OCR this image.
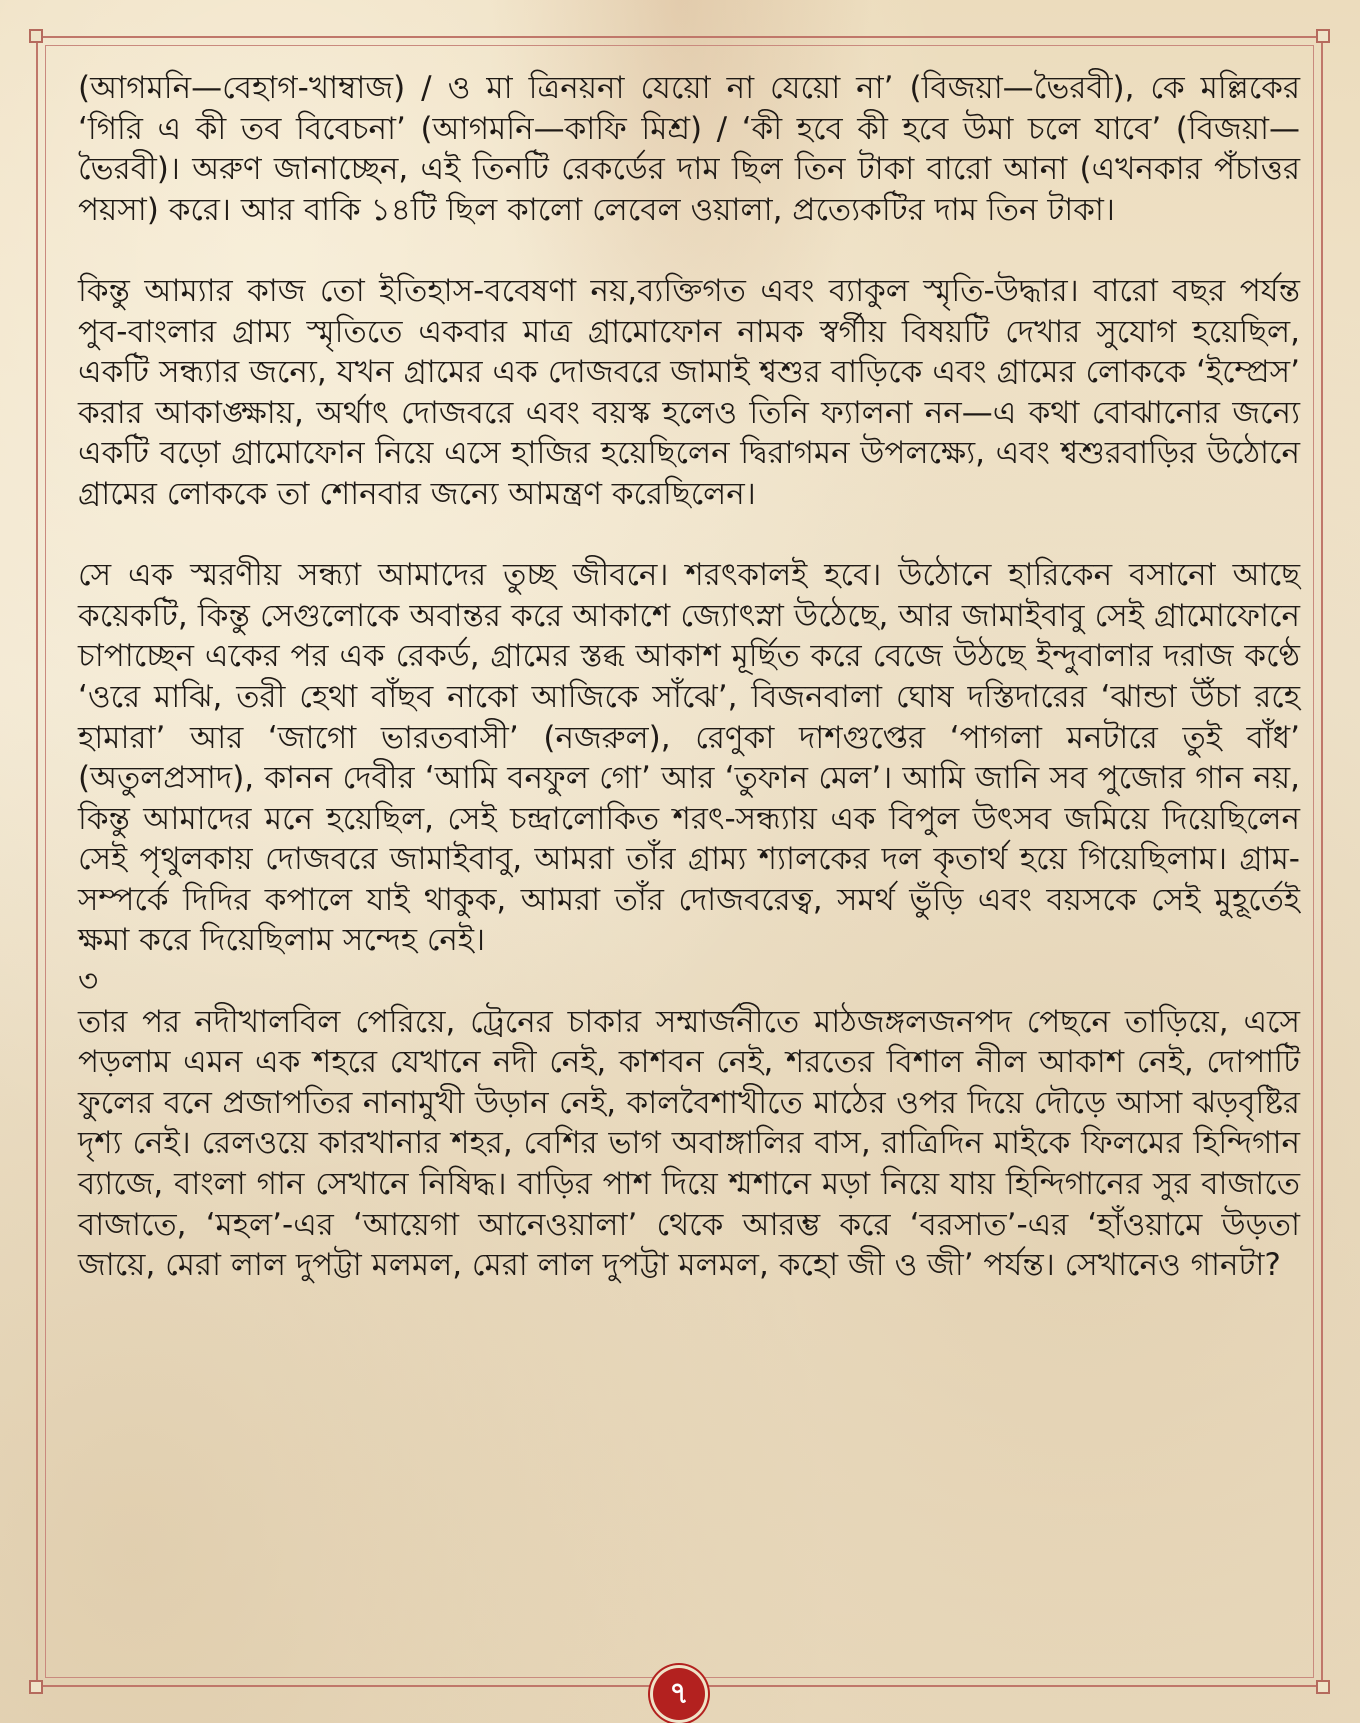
(আগমনি—বেহাগ-খাম্বাজ) / ও মা ত্রিনয়না যেয়ো না যেয়ো না’ (বিজয়া—ভৈরবী), কে মল্লিকের ‘গিরি এ কী তব বিবেচনা’ (আগমনি—কাফি মিশ্র) / ‘কী হবে কী হবে উমা চলে যাবে’ (বিজয়া—ভৈরবী)। অরুণ জানাচ্ছেন, এই তিনটি রেকর্ডের দাম ছিল তিন টাকা বারো আনা (এখনকার পঁচাত্তর পয়সা) করে। আর বাকি ১৪টি ছিল কালো লেবেল ওয়ালা, প্রত্যেকটির দাম তিন টাকা।

কিন্তু আম্যার কাজ তো ইতিহাস-ববেষণা নয়,ব্যক্তিগত এবং ব্যাকুল স্মৃতি-উদ্ধার। বারো বছর পর্যন্ত পুব-বাংলার গ্রাম্য স্মৃতিতে একবার মাত্র গ্রামোফোন নামক স্বর্গীয় বিষয়টি দেখার সুযোগ হয়েছিল, একটি সন্ধ্যার জন্যে, যখন গ্রামের এক দোজবরে জামাই শ্বশুর বাড়িকে এবং গ্রামের লোককে ‘ইম্প্রেস’ করার আকাঙ্ক্ষায়, অর্থাৎ দোজবরে এবং বয়স্ক হলেও তিনি ফ্যালনা নন—এ কথা বোঝানোর জন্যে একটি বড়ো গ্রামোফোন নিয়ে এসে হাজির হয়েছিলেন দ্বিরাগমন উপলক্ষ্যে, এবং শ্বশুরবাড়ির উঠোনে গ্রামের লোককে তা শোনবার জন্যে আমন্ত্রণ করেছিলেন।

সে এক স্মরণীয় সন্ধ্যা আমাদের তুচ্ছ জীবনে। শরৎকালই হবে। উঠোনে হারিকেন বসানো আছে কয়েকটি, কিন্তু সেগুলোকে অবান্তর করে আকাশে জ্যোৎস্না উঠেছে, আর জামাইবাবু সেই গ্রামোফোনে চাপাচ্ছেন একের পর এক রেকর্ড, গ্রামের স্তব্ধ আকাশ মূর্ছিত করে বেজে উঠছে ইন্দুবালার দরাজ কণ্ঠে ‘ওরে মাঝি, তরী হেথা বাঁছব নাকো আজিকে সাঁঝে’, বিজনবালা ঘোষ দস্তিদারের ‘ঝান্ডা উঁচা রহে হামারা’ আর ‘জাগো ভারতবাসী’ (নজরুল), রেণুকা দাশগুপ্তের ‘পাগলা মনটারে তুই বাঁধ’ (অতুলপ্রসাদ), কানন দেবীর ‘আমি বনফুল গো’ আর ‘তুফান মেল’। আমি জানি সব পুজোর গান নয়, কিন্তু আমাদের মনে হয়েছিল, সেই চন্দ্রালোকিত শরৎ-সন্ধ্যায় এক বিপুল উৎসব জমিয়ে দিয়েছিলেন সেই পৃথুলকায় দোজবরে জামাইবাবু, আমরা তাঁর গ্রাম্য শ্যালকের দল কৃতার্থ হয়ে গিয়েছিলাম। গ্রাম-সম্পর্কে দিদির কপালে যাই থাকুক, আমরা তাঁর দোজবরেত্ব, সমর্থ ভুঁড়ি এবং বয়সকে সেই মুহূর্তেই ক্ষমা করে দিয়েছিলাম সন্দেহ নেই।

৩

তার পর নদীখালবিল পেরিয়ে, ট্রেনের চাকার সম্মার্জনীতে মাঠজঙ্গলজনপদ পেছনে তাড়িয়ে, এসে পড়লাম এমন এক শহরে যেখানে নদী নেই, কাশবন নেই, শরতের বিশাল নীল আকাশ নেই, দোপাটি ফুলের বনে প্রজাপতির নানামুখী উড়ান নেই, কালবৈশাখীতে মাঠের ওপর দিয়ে দৌড়ে আসা ঝড়বৃষ্টির দৃশ্য নেই। রেলওয়ে কারখানার শহর, বেশির ভাগ অবাঙ্গালির বাস, রাত্রিদিন মাইকে ফিলমের হিন্দিগান ব্যাজে, বাংলা গান সেখানে নিষিদ্ধ। বাড়ির পাশ দিয়ে শ্মশানে মড়া নিয়ে যায় হিন্দিগানের সুর বাজাতে বাজাতে, ‘মহল’-এর ‘আয়েগা আনেওয়ালা’ থেকে আরম্ভ করে ‘বরসাত’-এর ‘হাঁওয়ামে উড়তা জায়ে, মেরা লাল দুপট্টা মলমল, মেরা লাল দুপট্টা মলমল, কহো জী ও জী’ পর্যন্ত। সেখানেও গানটা?

৭
